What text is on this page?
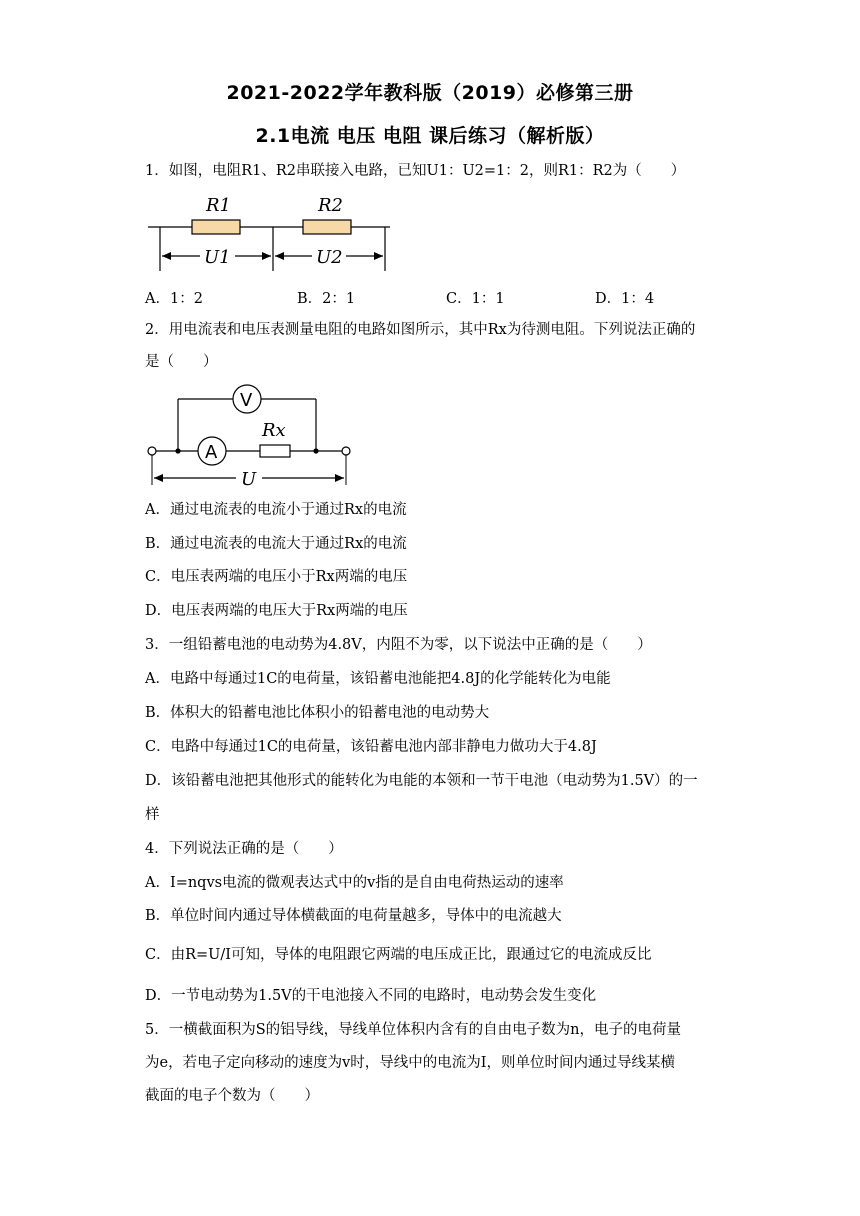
2021-2022学年教科版（2019）必修第三册
2.1电流 电压 电阻 课后练习（解析版）
1．如图，电阻R1、R2串联接入电路，已知U1：U2=1：2，则R1：R2为（　　）
R1	R2
U1	U2
A．1：2	B．2：1	C．1：1	D．1：4
2．用电流表和电压表测量电阻的电路如图所示，其中Rx为待测电阻。下列说法正确的
是（　　）
V
A
Rx
U
A．通过电流表的电流小于通过Rx的电流
B．通过电流表的电流大于通过Rx的电流
C．电压表两端的电压小于Rx两端的电压
D．电压表两端的电压大于Rx两端的电压
3．一组铅蓄电池的电动势为4.8V，内阻不为零，以下说法中正确的是（　　）
A．电路中每通过1C的电荷量，该铅蓄电池能把4.8J的化学能转化为电能
B．体积大的铅蓄电池比体积小的铅蓄电池的电动势大
C．电路中每通过1C的电荷量，该铅蓄电池内部非静电力做功大于4.8J
D．该铅蓄电池把其他形式的能转化为电能的本领和一节干电池（电动势为1.5V）的一
样
4．下列说法正确的是（　　）
A．I=nqvs电流的微观表达式中的v指的是自由电荷热运动的速率
B．单位时间内通过导体横截面的电荷量越多，导体中的电流越大
C．由R=U/I可知，导体的电阻跟它两端的电压成正比，跟通过它的电流成反比
D．一节电动势为1.5V的干电池接入不同的电路时，电动势会发生变化
5．一横截面积为S的铝导线，导线单位体积内含有的自由电子数为n，电子的电荷量
为e，若电子定向移动的速度为v时，导线中的电流为I，则单位时间内通过导线某横
截面的电子个数为（　　）
